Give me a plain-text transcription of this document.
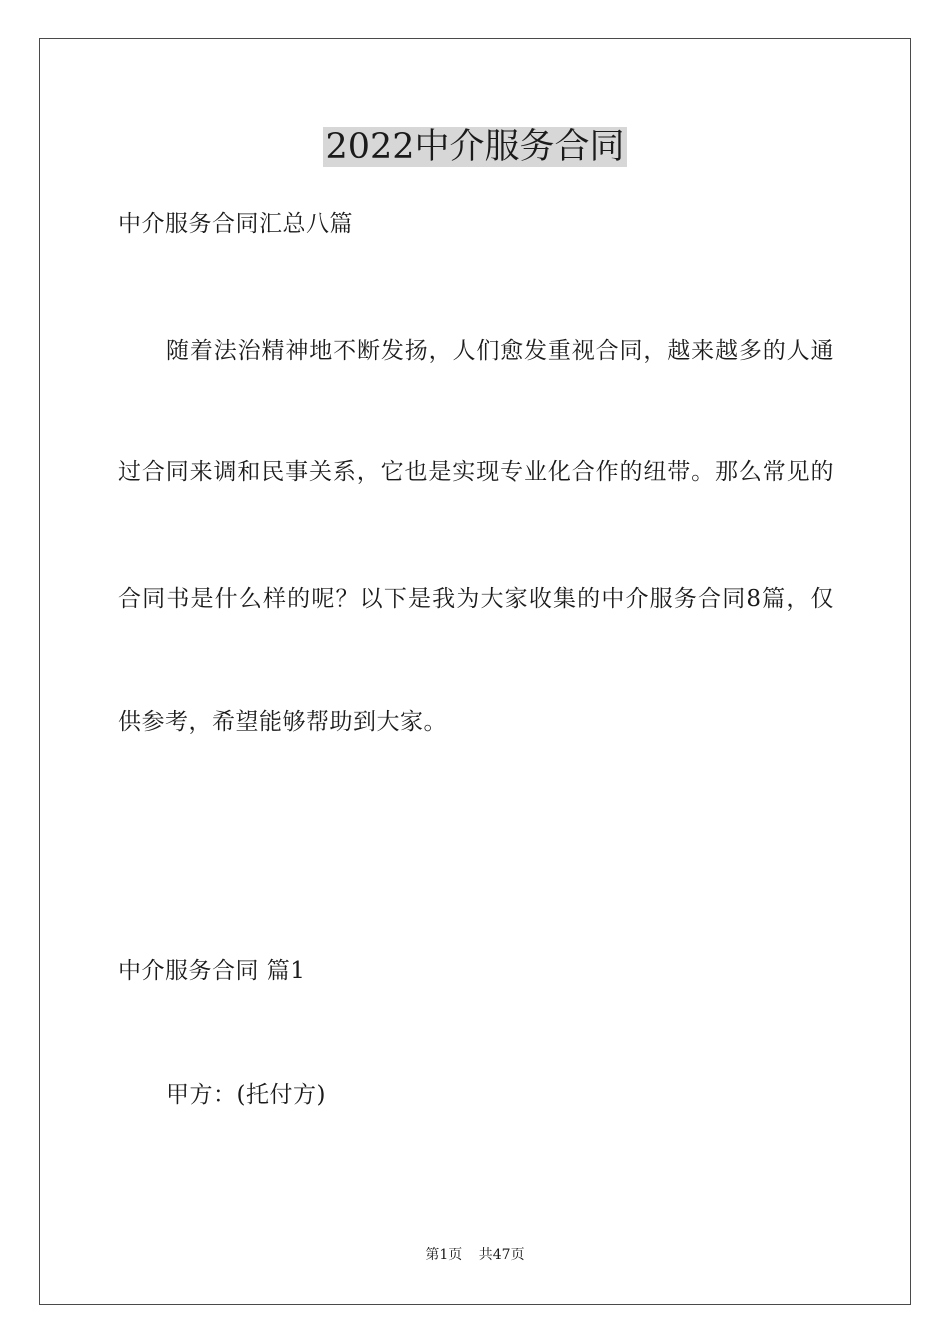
2022中介服务合同
中介服务合同汇总八篇
随着法治精神地不断发扬，人们愈发重视合同，越来越多的人通
过合同来调和民事关系，它也是实现专业化合作的纽带。那么常见的
合同书是什么样的呢？以下是我为大家收集的中介服务合同8篇，仅
供参考，希望能够帮助到大家。
中介服务合同 篇1
甲方：(托付方)
第1页 共47页
